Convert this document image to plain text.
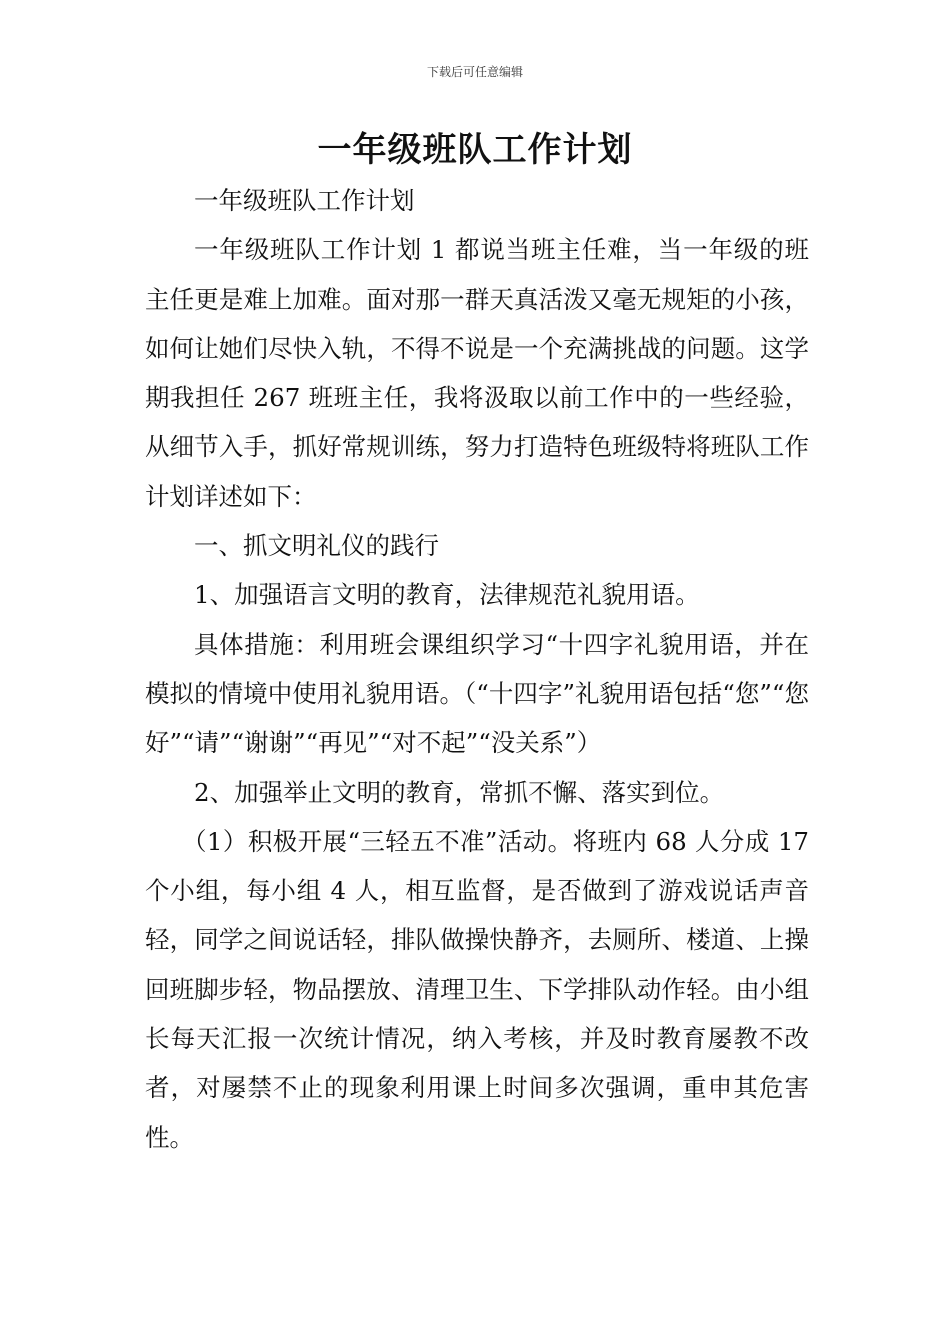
下载后可任意编辑
一年级班队工作计划

一年级班队工作计划

一年级班队工作计划 1 都说当班主任难，当一年级的班主任更是难上加难。面对那一群天真活泼又毫无规矩的小孩，如何让她们尽快入轨，不得不说是一个充满挑战的问题。这学期我担任 267 班班主任，我将汲取以前工作中的一些经验，从细节入手，抓好常规训练，努力打造特色班级特将班队工作计划详述如下：

一、抓文明礼仪的践行

1、加强语言文明的教育，法律规范礼貌用语。

具体措施：利用班会课组织学习“十四字礼貌用语，并在模拟的情境中使用礼貌用语。（“十四字”礼貌用语包括“您”“您好”“请”“谢谢”“再见”“对不起”“没关系”）

2、加强举止文明的教育，常抓不懈、落实到位。

（1）积极开展“三轻五不准”活动。将班内 68 人分成 17 个小组，每小组 4 人，相互监督，是否做到了游戏说话声音轻，同学之间说话轻，排队做操快静齐，去厕所、楼道、上操回班脚步轻，物品摆放、清理卫生、下学排队动作轻。由小组长每天汇报一次统计情况，纳入考核，并及时教育屡教不改者，对屡禁不止的现象利用课上时间多次强调，重申其危害性。
